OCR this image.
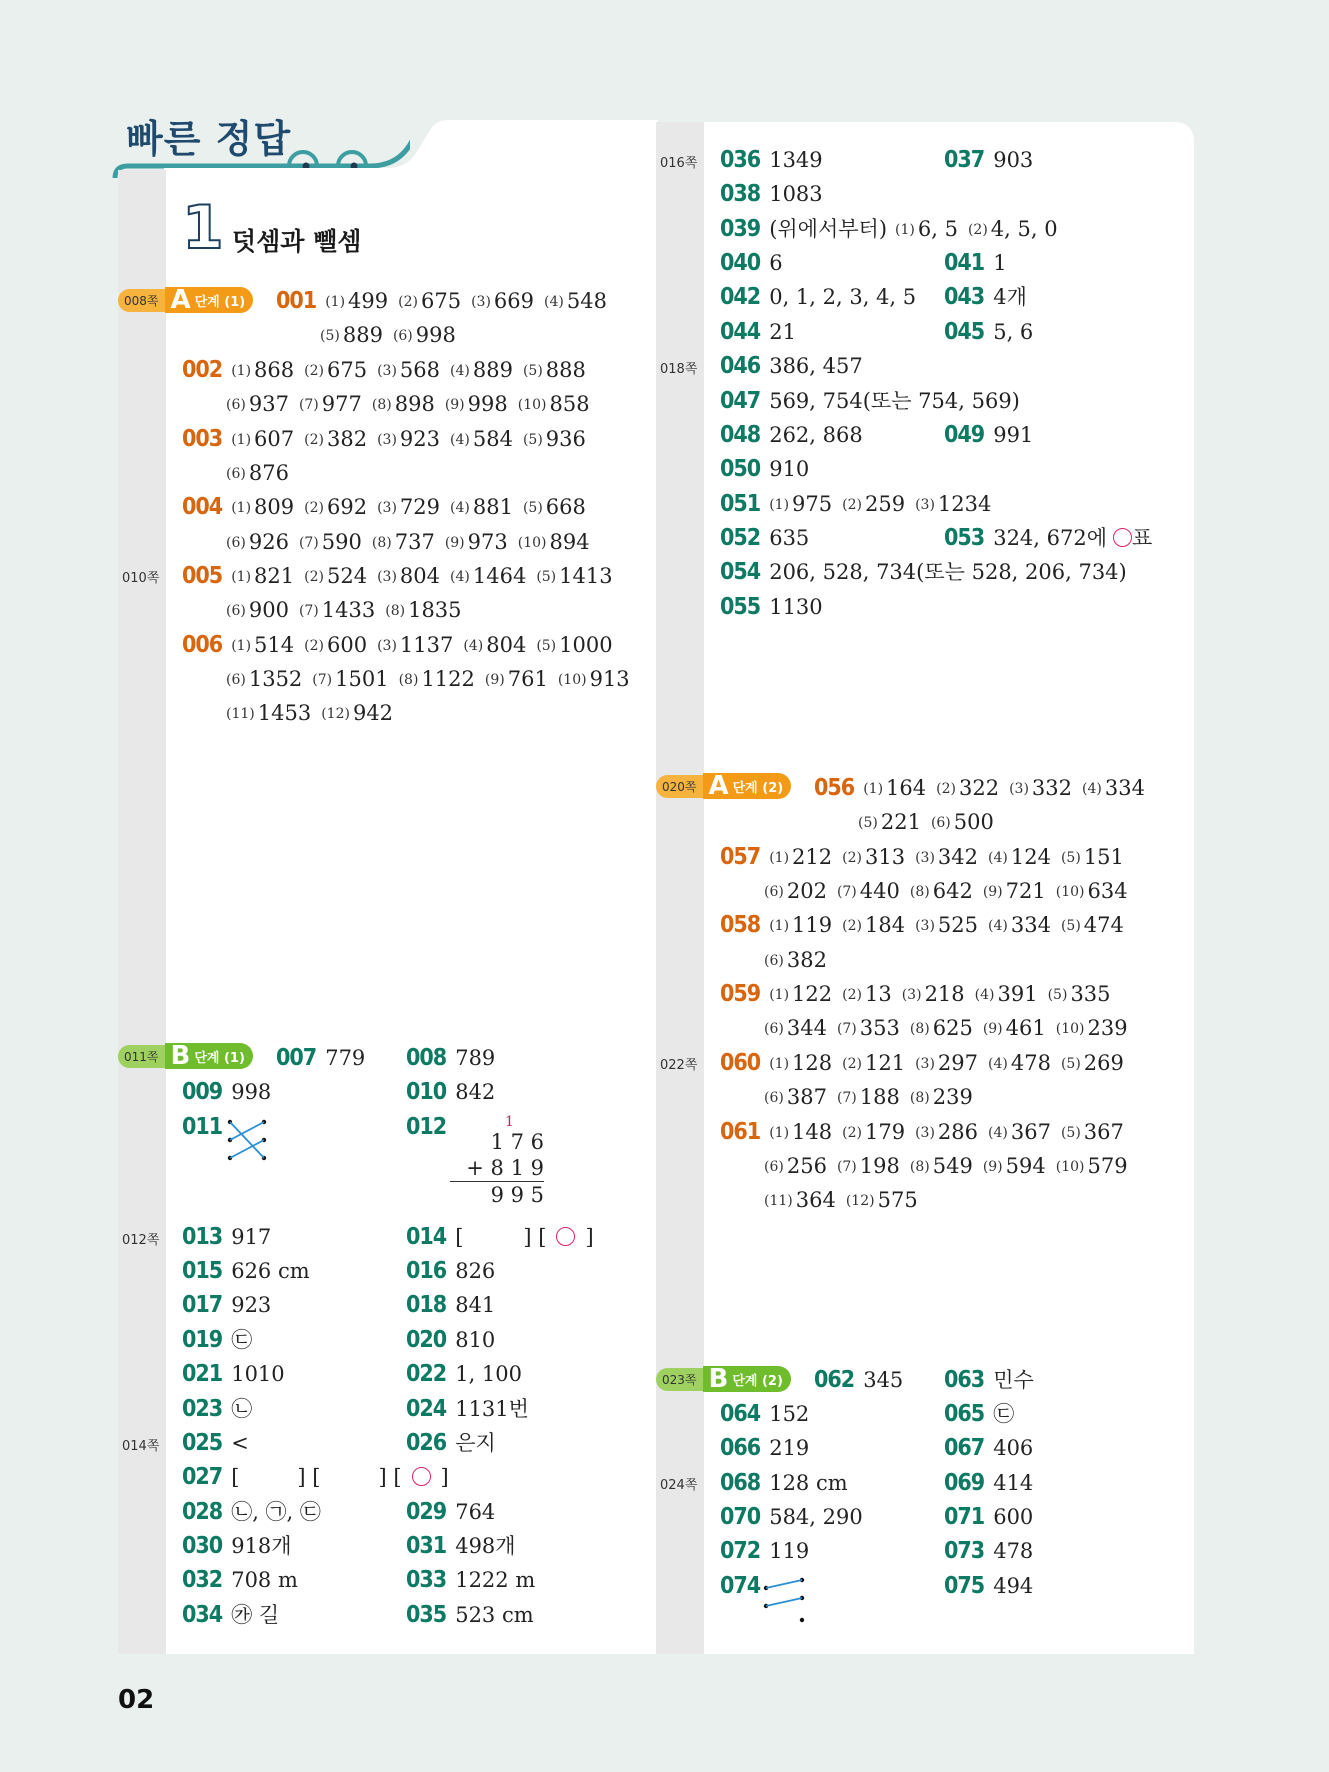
빠른 정답
1 덧셈과 뺄셈
008쪽 A 단계 (1)
011쪽 B 단계 (1)
020쪽 A 단계 (2)
023쪽 B 단계 (2)
010쪽
012쪽
014쪽
016쪽
018쪽
022쪽
024쪽
001 (1) 499 (2) 675 (3) 669 (4) 548
(5) 889 (6) 998
002 (1) 868 (2) 675 (3) 568 (4) 889 (5) 888
(6) 937 (7) 977 (8) 898 (9) 998 (10) 858
003 (1) 607 (2) 382 (3) 923 (4) 584 (5) 936
(6) 876
004 (1) 809 (2) 692 (3) 729 (4) 881 (5) 668
(6) 926 (7) 590 (8) 737 (9) 973 (10) 894
005 (1) 821 (2) 524 (3) 804 (4) 1464 (5) 1413
(6) 900 (7) 1433 (8) 1835
006 (1) 514 (2) 600 (3) 1137 (4) 804 (5) 1000
(6) 1352 (7) 1501 (8) 1122 (9) 761 (10) 913
(11) 1453 (12) 942
007 779 008 789
009 998	010 842
011	012	1
1 7 6
+ 8 1 9
9 9 5
013 917	014 [	] [ ○ ]
015 626 cm	016 826
017 923	018 841
019 ㉢	020 810
021 1010	022 1, 100
023 ㉡	024 1131번
025 <	026 은지
027 [	] [	] [ ○ ]
028 ㉡, ㉠, ㉢	029 764
030 918개	031 498개
032 708 m	033 1222 m
034 ㉮ 길	035 523 cm
036 1349	037 903
038 1083
039 (위에서부터) (1) 6, 5 (2) 4, 5, 0
040 6	041 1
042 0, 1, 2, 3, 4, 5 043 4개
044 21	045 5, 6
046 386, 457
047 569, 754(또는 754, 569)
048 262, 868	049 991
050 910
051 (1) 975 (2) 259 (3) 1234
052 635	053 324, 672에 ○표
054 206, 528, 734(또는 528, 206, 734)
055 1130
056 (1) 164 (2) 322 (3) 332 (4) 334
(5) 221 (6) 500
057 (1) 212 (2) 313 (3) 342 (4) 124 (5) 151
(6) 202 (7) 440 (8) 642 (9) 721 (10) 634
058 (1) 119 (2) 184 (3) 525 (4) 334 (5) 474
(6) 382
059 (1) 122 (2) 13 (3) 218 (4) 391 (5) 335
(6) 344 (7) 353 (8) 625 (9) 461 (10) 239
060 (1) 128 (2) 121 (3) 297 (4) 478 (5) 269
(6) 387 (7) 188 (8) 239
061 (1) 148 (2) 179 (3) 286 (4) 367 (5) 367
(6) 256 (7) 198 (8) 549 (9) 594 (10) 579
(11) 364 (12) 575
062 345 063 민수
064 152	065 ㉢
066 219	067 406
068 128 cm	069 414
070 584, 290	071 600
072 119	073 478
074	075 494
02
